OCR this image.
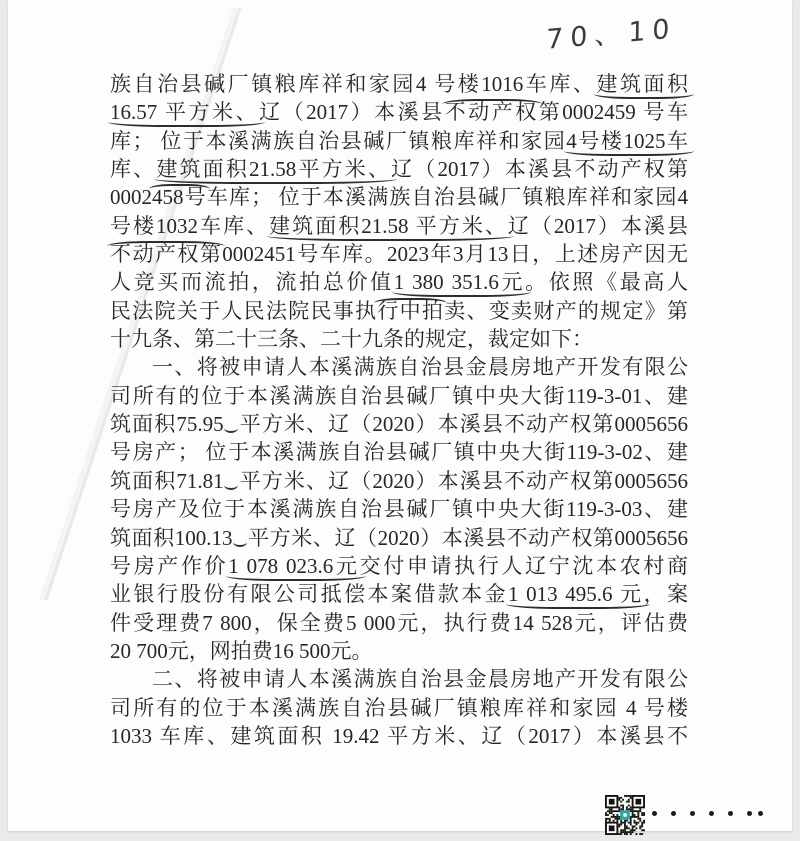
70、10
族自治县碱厂镇粮库祥和家园4 号楼1016车库、建筑面积
16.57 平方米、辽（2017）本溪县不动产权第0002459 号车
库； 位于本溪满族自治县碱厂镇粮库祥和家园4号楼1025车
库、建筑面积21.58平方米、辽（2017）本溪县不动产权第
0002458号车库； 位于本溪满族自治县碱厂镇粮库祥和家园4
号楼1032车库、建筑面积21.58 平方米、辽（2017）本溪县
不动产权第0002451号车库。2023年3月13日，上述房产因无
人竞买而流拍，流拍总价值1 380 351.6元。依照《最高人
民法院关于人民法院民事执行中拍卖、变卖财产的规定》第
十九条、第二十三条、二十九条的规定，裁定如下：
一、将被申请人本溪满族自治县金晨房地产开发有限公
司所有的位于本溪满族自治县碱厂镇中央大街119-3-01、建
筑面积75.95 平方米、辽（2020）本溪县不动产权第0005656
号房产； 位于本溪满族自治县碱厂镇中央大街119-3-02、建
筑面积71.81 平方米、辽（2020）本溪县不动产权第0005656
号房产及位于本溪满族自治县碱厂镇中央大街119-3-03、建
筑面积100.13 平方米、辽（2020）本溪县不动产权第0005656
号房产作价1 078 023.6元交付申请执行人辽宁沈本农村商
业银行股份有限公司抵偿本案借款本金1 013 495.6 元，案
件受理费7 800，保全费5 000元，执行费14 528元，评估费
20 700元，网拍费16 500元。
二、将被申请人本溪满族自治县金晨房地产开发有限公
司所有的位于本溪满族自治县碱厂镇粮库祥和家园 4 号楼
1033 车库、建筑面积 19.42 平方米、辽（2017）本溪县不
